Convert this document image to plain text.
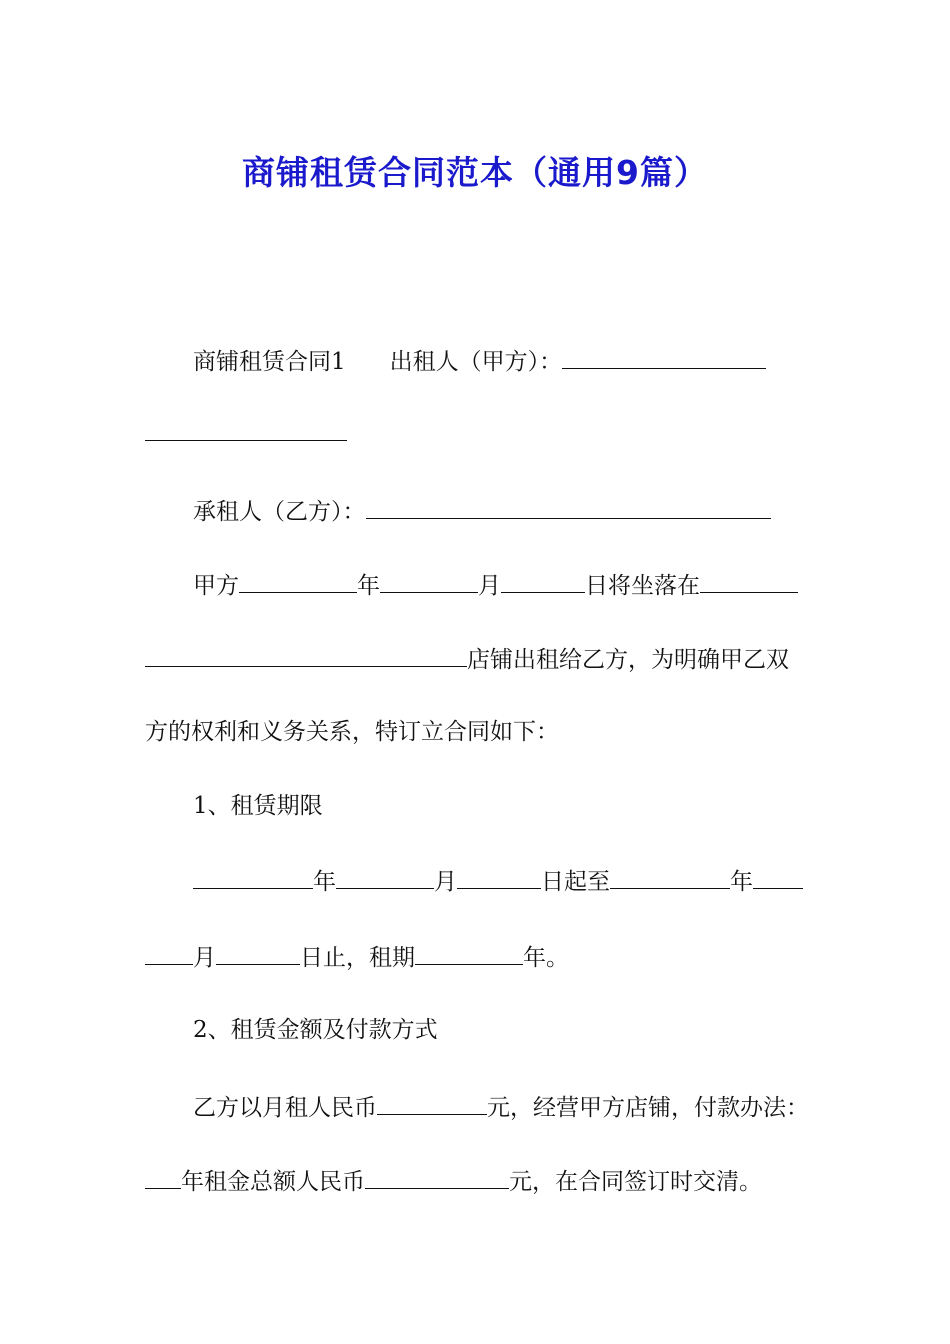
商铺租赁合同范本（通用9篇）
商铺租赁合同1 出租人（甲方）：
承租人（乙方）：
甲方	年	月	日将坐落在
店铺出租给乙方，为明确甲乙双
方的权利和义务关系，特订立合同如下：
1、租赁期限
年	月	日起至	年
月	日止，租期	年。
2、租赁金额及付款方式
乙方以月租人民币	元，经营甲方店铺，付款办法：
年租金总额人民币	元，在合同签订时交清。
